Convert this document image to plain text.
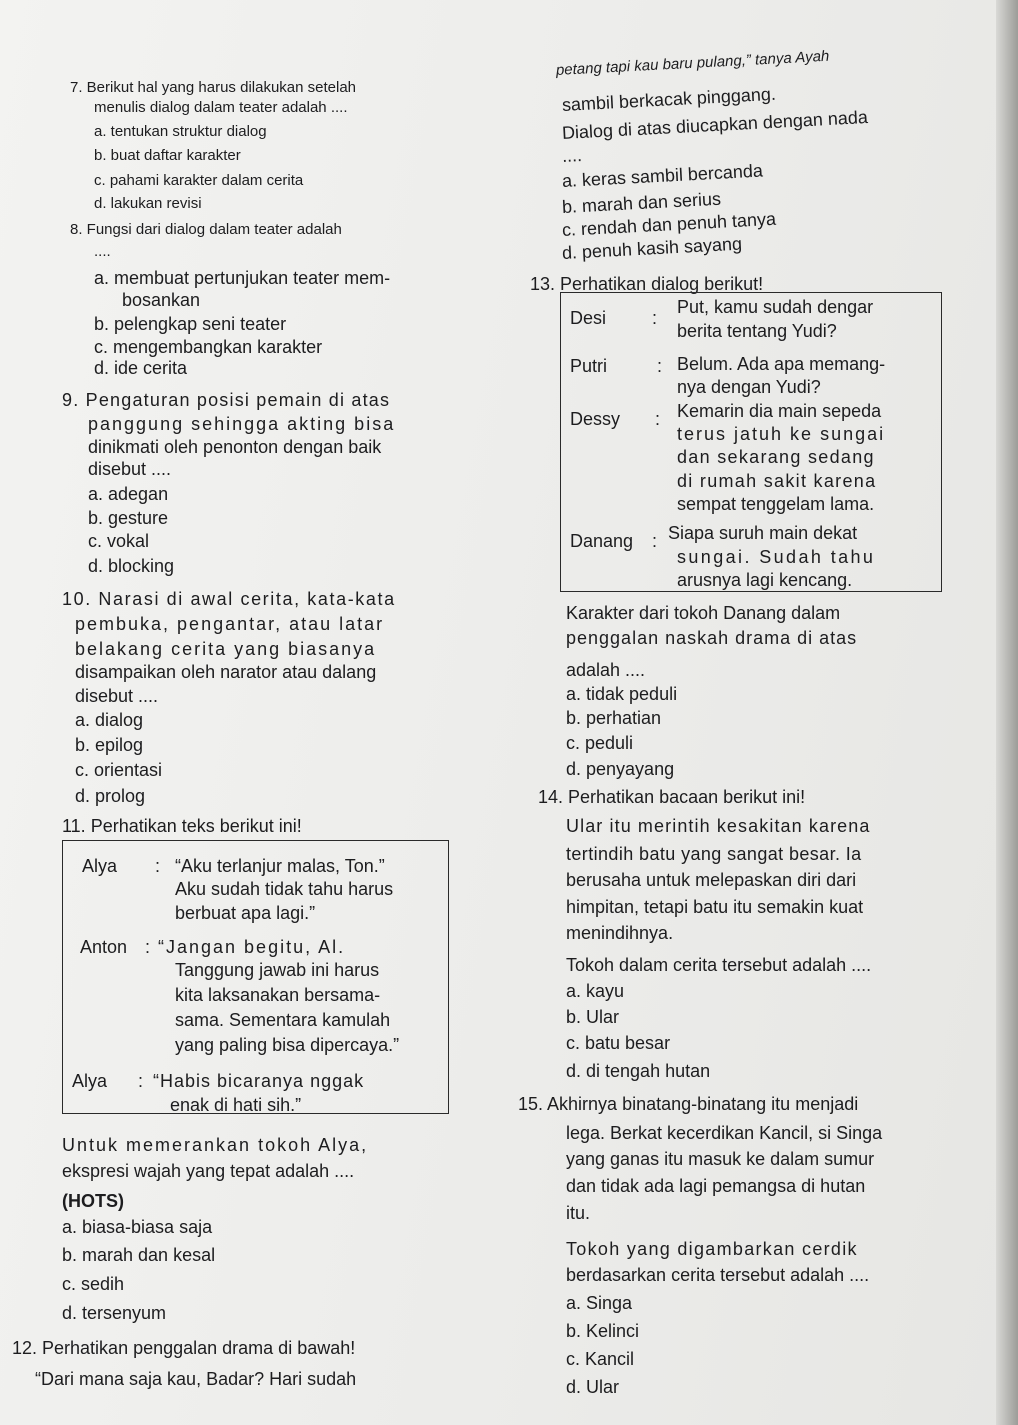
7. Berikut hal yang harus dilakukan setelah
menulis dialog dalam teater adalah ....
a. tentukan struktur dialog
b. buat daftar karakter
c. pahami karakter dalam cerita
d. lakukan revisi
8. Fungsi dari dialog dalam teater adalah
....
a. membuat pertunjukan teater mem-
bosankan
b. pelengkap seni teater
c. mengembangkan karakter
d. ide cerita
9. Pengaturan posisi pemain di atas
panggung sehingga akting bisa
dinikmati oleh penonton dengan baik
disebut ....
a. adegan
b. gesture
c. vokal
d. blocking
10. Narasi di awal cerita, kata-kata
pembuka, pengantar, atau latar
belakang cerita yang biasanya
disampaikan oleh narator atau dalang
disebut ....
a. dialog
b. epilog
c. orientasi
d. prolog
11. Perhatikan teks berikut ini!
Alya : “Aku terlanjur malas, Ton.”
Aku sudah tidak tahu harus
berbuat apa lagi.”
Anton : “Jangan begitu, Al.
Tanggung jawab ini harus
kita laksanakan bersama-
sama. Sementara kamulah
yang paling bisa dipercaya.”
Alya : “Habis bicaranya nggak
enak di hati sih.”
Untuk memerankan tokoh Alya,
ekspresi wajah yang tepat adalah ....
(HOTS)
a. biasa-biasa saja
b. marah dan kesal
c. sedih
d. tersenyum
12. Perhatikan penggalan drama di bawah!
“Dari mana saja kau, Badar? Hari sudah
petang tapi kau baru pulang,” tanya Ayah
sambil berkacak pinggang.
Dialog di atas diucapkan dengan nada
....
a. keras sambil bercanda
b. marah dan serius
c. rendah dan penuh tanya
d. penuh kasih sayang
13. Perhatikan dialog berikut!
Desi	:
Put, kamu sudah dengar
berita tentang Yudi?
Putri	: Belum. Ada apa memang-
nya dengan Yudi?
Dessy : Kemarin dia main sepeda
terus jatuh ke sungai
dan sekarang sedang
di rumah sakit karena
sempat tenggelam lama.
Danang : Siapa suruh main dekat
sungai. Sudah tahu
arusnya lagi kencang.
Karakter dari tokoh Danang dalam
penggalan naskah drama di atas
adalah ....
a. tidak peduli
b. perhatian
c. peduli
d. penyayang
14. Perhatikan bacaan berikut ini!
Ular itu merintih kesakitan karena
tertindih batu yang sangat besar. Ia
berusaha untuk melepaskan diri dari
himpitan, tetapi batu itu semakin kuat
menindihnya.
Tokoh dalam cerita tersebut adalah ....
a. kayu
b. Ular
c. batu besar
d. di tengah hutan
15. Akhirnya binatang-binatang itu menjadi
lega. Berkat kecerdikan Kancil, si Singa
yang ganas itu masuk ke dalam sumur
dan tidak ada lagi pemangsa di hutan
itu.
Tokoh yang digambarkan cerdik
berdasarkan cerita tersebut adalah ....
a. Singa
b. Kelinci
c. Kancil
d. Ular
